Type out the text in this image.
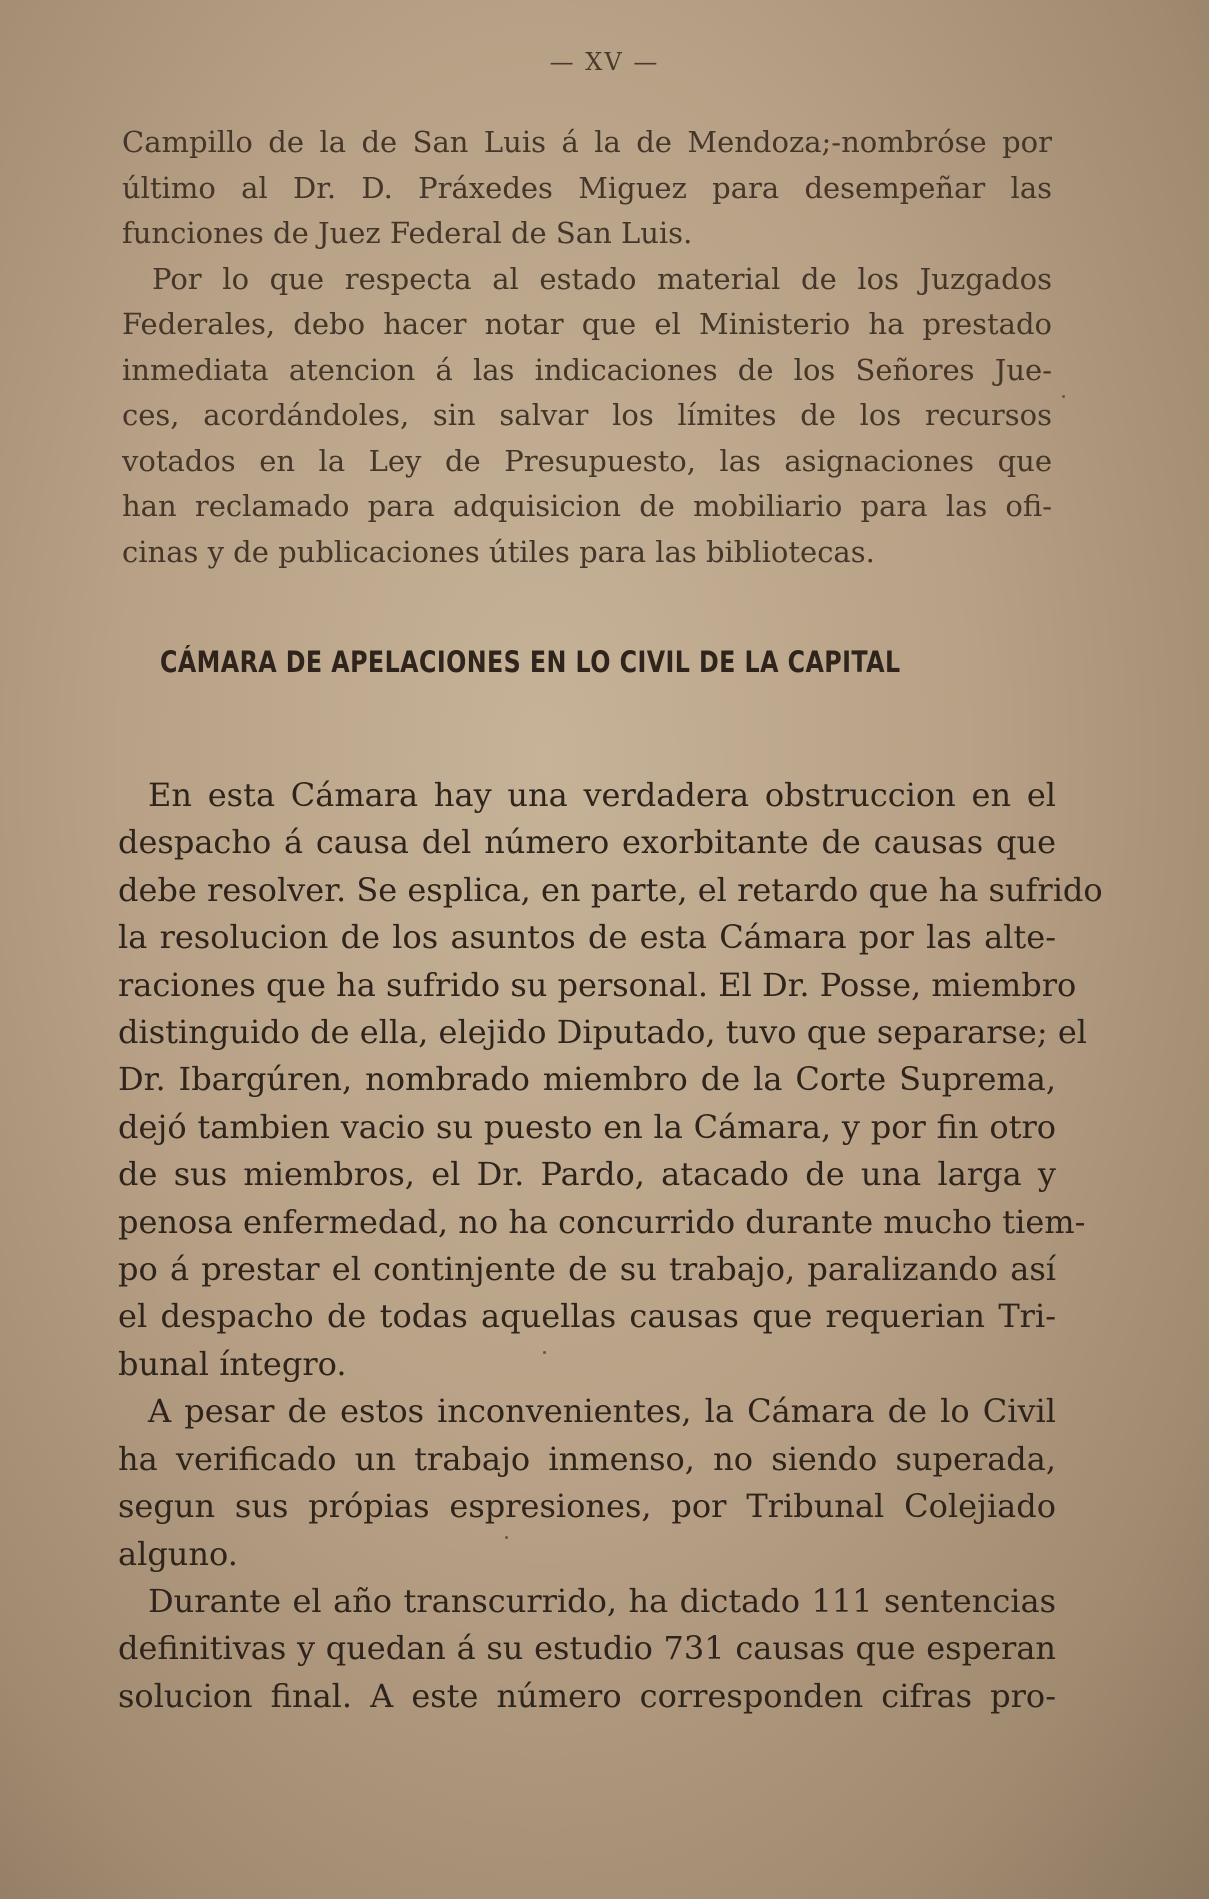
— XV —

Campillo de la de San Luis á la de Mendoza;-nombróse por
último al Dr. D. Práxedes Miguez para desempeñar las
funciones de Juez Federal de San Luis.

Por lo que respecta al estado material de los Juzgados
Federales, debo hacer notar que el Ministerio ha prestado
inmediata atencion á las indicaciones de los Señores Jue-
ces, acordándoles, sin salvar los límites de los recursos
votados en la Ley de Presupuesto, las asignaciones que
han reclamado para adquisicion de mobiliario para las ofi-
cinas y de publicaciones útiles para las bibliotecas.

CÁMARA DE APELACIONES EN LO CIVIL DE LA CAPITAL

En esta Cámara hay una verdadera obstruccion en el
despacho á causa del número exorbitante de causas que
debe resolver. Se esplica, en parte, el retardo que ha sufrido
la resolucion de los asuntos de esta Cámara por las alte-
raciones que ha sufrido su personal. El Dr. Posse, miembro
distinguido de ella, elejido Diputado, tuvo que separarse; el
Dr. Ibargúren, nombrado miembro de la Corte Suprema,
dejó tambien vacio su puesto en la Cámara, y por fin otro
de sus miembros, el Dr. Pardo, atacado de una larga y
penosa enfermedad, no ha concurrido durante mucho tiem-
po á prestar el continjente de su trabajo, paralizando así
el despacho de todas aquellas causas que requerian Tri-
bunal íntegro.

A pesar de estos inconvenientes, la Cámara de lo Civil
ha verificado un trabajo inmenso, no siendo superada,
segun sus própias espresiones, por Tribunal Colejiado
alguno.

Durante el año transcurrido, ha dictado 111 sentencias
definitivas y quedan á su estudio 731 causas que esperan
solucion final. A este número corresponden cifras pro-
